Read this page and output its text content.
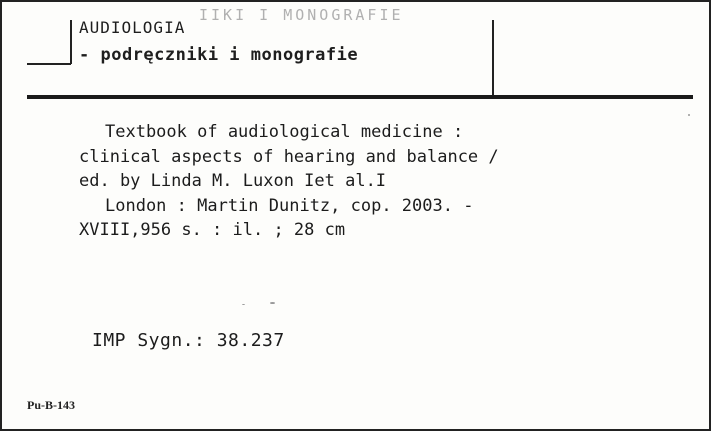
IIKI I MONOGRAFIE
AUDIOLOGIA
- podręczniki i monografie
Textbook of audiological medicine :
clinical aspects of hearing and balance /
ed. by Linda M. Luxon Iet al.I
London : Martin Dunitz, cop. 2003. -
XVIII,956 s. : il. ; 28 cm
IMP Sygn.: 38.237
Pu-B-143
